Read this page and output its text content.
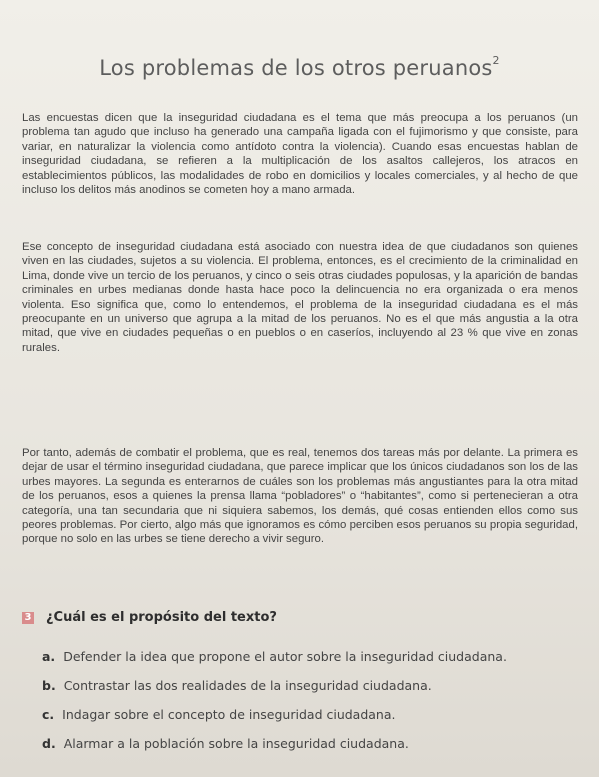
Los problemas de los otros peruanos$^2$
Las encuestas dicen que la inseguridad ciudadana es el tema que más preocupa a los peruanos (un problema tan agudo que incluso ha generado una campaña ligada con el fujimorismo y que consiste, para variar, en naturalizar la violencia como antídoto contra la violencia). Cuando esas encuestas hablan de inseguridad ciudadana, se refieren a la multiplicación de los asaltos callejeros, los atracos en establecimientos públicos, las modalidades de robo en domicilios y locales comerciales, y al hecho de que incluso los delitos más anodinos se cometen hoy a mano armada.
Ese concepto de inseguridad ciudadana está asociado con nuestra idea de que ciudadanos son quienes viven en las ciudades, sujetos a su violencia. El problema, entonces, es el crecimiento de la criminalidad en Lima, donde vive un tercio de los peruanos, y cinco o seis otras ciudades populosas, y la aparición de bandas criminales en urbes medianas donde hasta hace poco la delincuencia no era organizada o era menos violenta. Eso significa que, como lo entendemos, el problema de la inseguridad ciudadana es el más preocupante en un universo que agrupa a la mitad de los peruanos. No es el que más angustia a la otra mitad, que vive en ciudades pequeñas o en pueblos o en caseríos, incluyendo al 23 % que vive en zonas rurales.
Por tanto, además de combatir el problema, que es real, tenemos dos tareas más por delante. La primera es dejar de usar el término inseguridad ciudadana, que parece implicar que los únicos ciudadanos son los de las urbes mayores. La segunda es enterarnos de cuáles son los problemas más angustiantes para la otra mitad de los peruanos, esos a quienes la prensa llama “pobladores” o “habitantes”, como si pertenecieran a otra categoría, una tan secundaria que ni siquiera sabemos, los demás, qué cosas entienden ellos como sus peores problemas. Por cierto, algo más que ignoramos es cómo perciben esos peruanos su propia seguridad, porque no solo en las urbes se tiene derecho a vivir seguro.
3 ¿Cuál es el propósito del texto?
a. Defender la idea que propone el autor sobre la inseguridad ciudadana.
b. Contrastar las dos realidades de la inseguridad ciudadana.
c. Indagar sobre el concepto de inseguridad ciudadana.
d. Alarmar a la población sobre la inseguridad ciudadana.
